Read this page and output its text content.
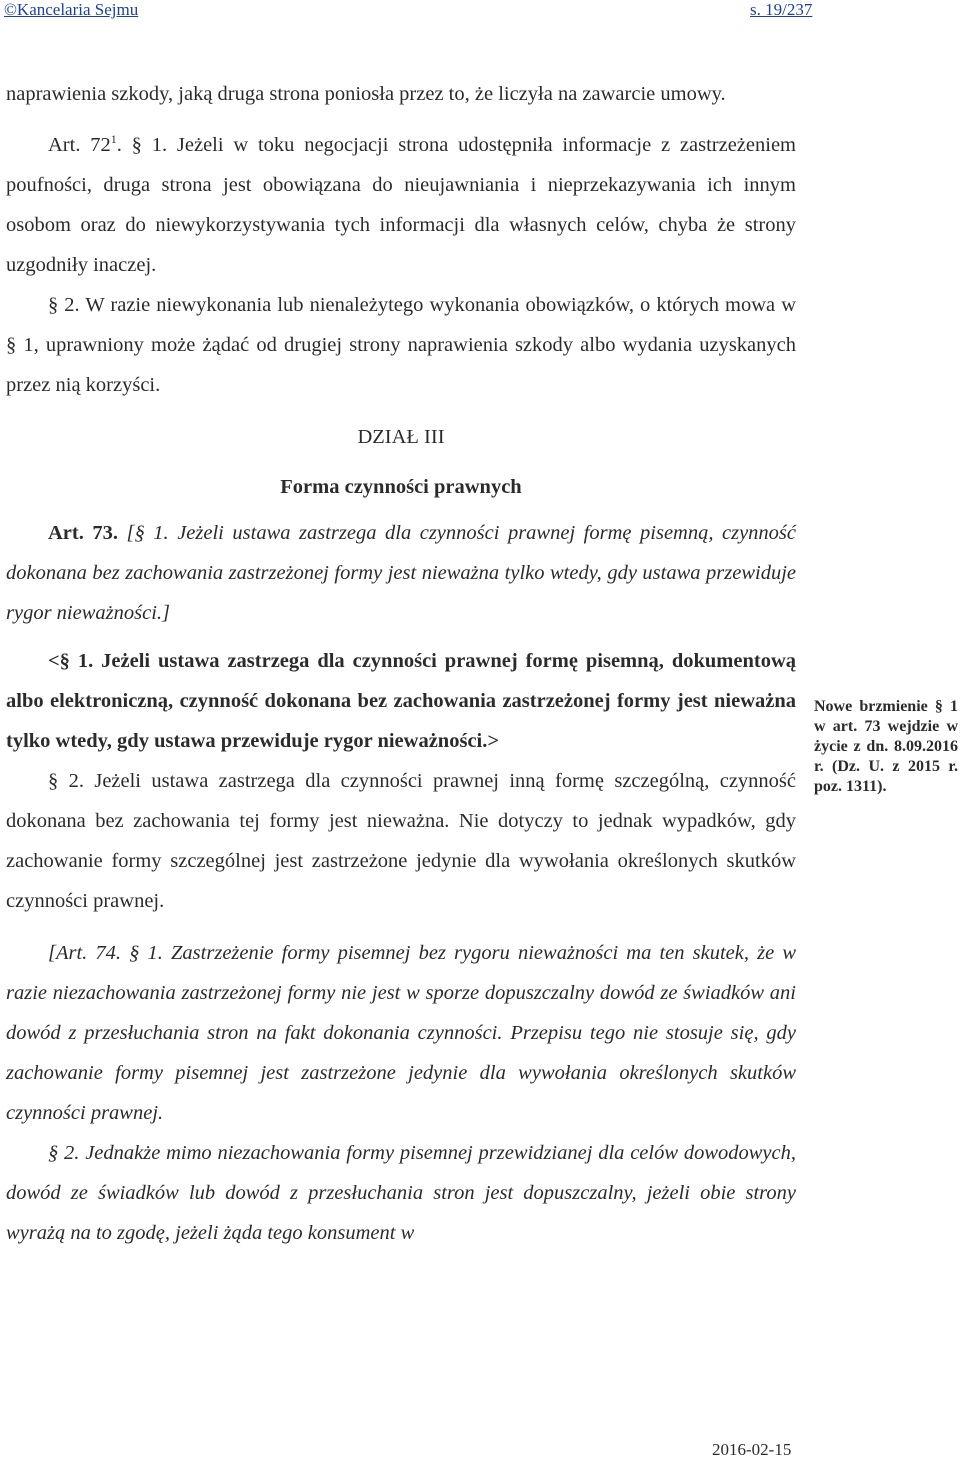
©Kancelaria Sejmu	s. 19/237

naprawienia szkody, jaką druga strona poniosła przez to, że liczyła na zawarcie umowy.

Art. $72^1$. § 1. Jeżeli w toku negocjacji strona udostępniła informacje z zastrzeżeniem poufności, druga strona jest obowiązana do nieujawniania i nieprzekazywania ich innym osobom oraz do niewykorzystywania tych informacji dla własnych celów, chyba że strony uzgodniły inaczej.

§ 2. W razie niewykonania lub nienależytego wykonania obowiązków, o których mowa w § 1, uprawniony może żądać od drugiej strony naprawienia szkody albo wydania uzyskanych przez nią korzyści.

DZIAŁ III

Forma czynności prawnych

Art. 73. [§ 1. Jeżeli ustawa zastrzega dla czynności prawnej formę pisemną, czynność dokonana bez zachowania zastrzeżonej formy jest nieważna tylko wtedy, gdy ustawa przewiduje rygor nieważności.]

<§ 1. Jeżeli ustawa zastrzega dla czynności prawnej formę pisemną, dokumentową albo elektroniczną, czynność dokonana bez zachowania zastrzeżonej formy jest nieważna tylko wtedy, gdy ustawa przewiduje rygor nieważności.>

§ 2. Jeżeli ustawa zastrzega dla czynności prawnej inną formę szczególną, czynność dokonana bez zachowania tej formy jest nieważna. Nie dotyczy to jednak wypadków, gdy zachowanie formy szczególnej jest zastrzeżone jedynie dla wywołania określonych skutków czynności prawnej.

[Art. 74. § 1. Zastrzeżenie formy pisemnej bez rygoru nieważności ma ten skutek, że w razie niezachowania zastrzeżonej formy nie jest w sporze dopuszczalny dowód ze świadków ani dowód z przesłuchania stron na fakt dokonania czynności. Przepisu tego nie stosuje się, gdy zachowanie formy pisemnej jest zastrzeżone jedynie dla wywołania określonych skutków czynności prawnej.

§ 2. Jednakże mimo niezachowania formy pisemnej przewidzianej dla celów dowodowych, dowód ze świadków lub dowód z przesłuchania stron jest dopuszczalny, jeżeli obie strony wyrażą na to zgodę, jeżeli żąda tego konsument w

Nowe brzmienie § 1 w art. 73 wejdzie w życie z dn. 8.09.2016 r. (Dz. U. z 2015 r. poz. 1311).
2016-02-15
